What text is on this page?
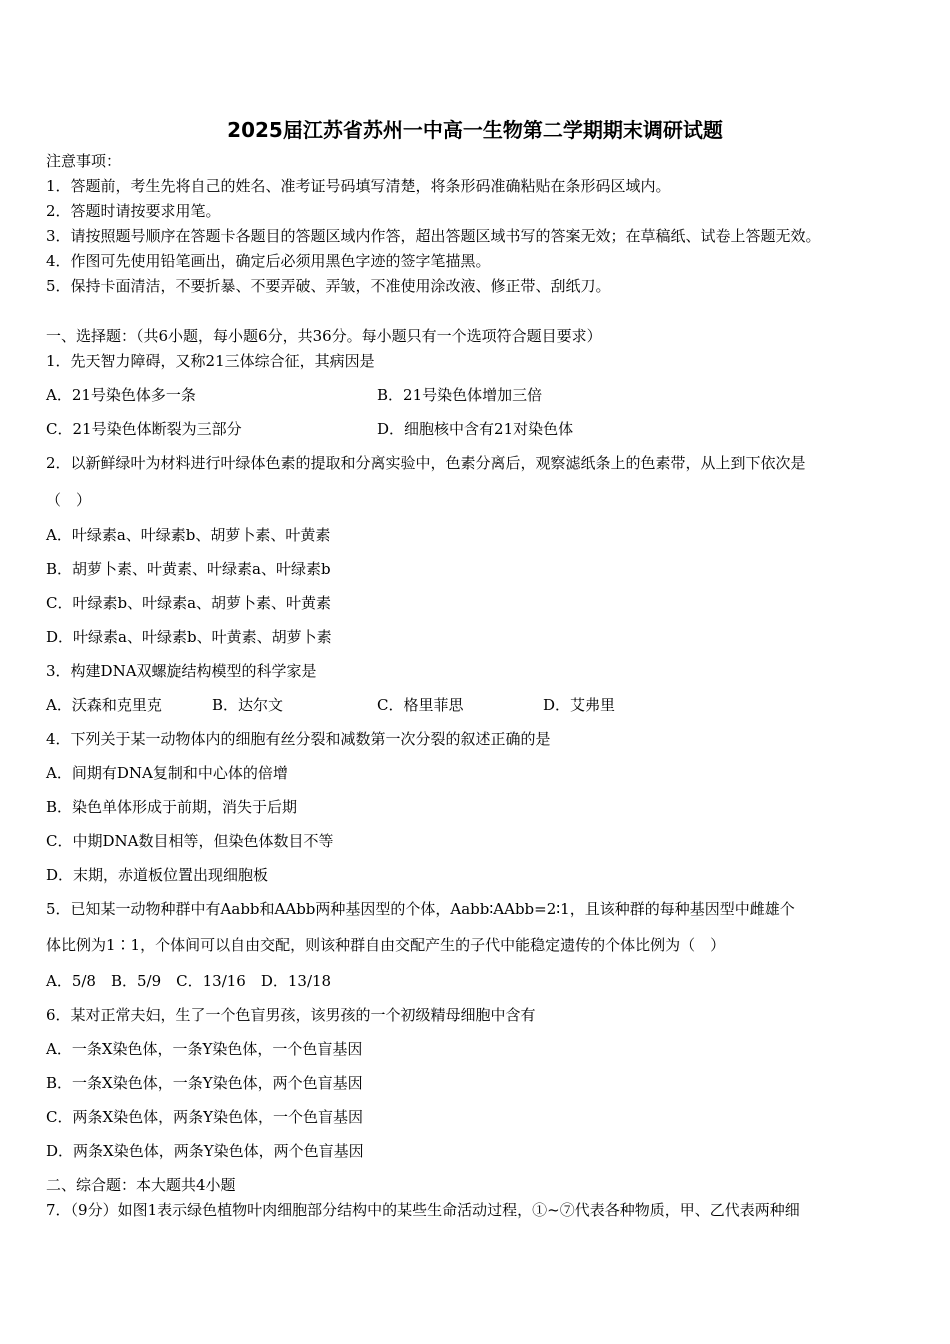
2025届江苏省苏州一中高一生物第二学期期末调研试题
注意事项：
1．答题前，考生先将自己的姓名、准考证号码填写清楚，将条形码准确粘贴在条形码区域内。
2．答题时请按要求用笔。
3．请按照题号顺序在答题卡各题目的答题区域内作答，超出答题区域书写的答案无效；在草稿纸、试卷上答题无效。
4．作图可先使用铅笔画出，确定后必须用黑色字迹的签字笔描黑。
5．保持卡面清洁，不要折暴、不要弄破、弄皱，不准使用涂改液、修正带、刮纸刀。
一、选择题：（共6小题，每小题6分，共36分。每小题只有一个选项符合题目要求）
1．先天智力障碍，又称21三体综合征，其病因是
A．21号染色体多一条	B．21号染色体增加三倍
C．21号染色体断裂为三部分	D．细胞核中含有21对染色体
2．以新鲜绿叶为材料进行叶绿体色素的提取和分离实验中，色素分离后，观察滤纸条上的色素带，从上到下依次是
（　）
A．叶绿素a、叶绿素b、胡萝卜素、叶黄素
B．胡萝卜素、叶黄素、叶绿素a、叶绿素b
C．叶绿素b、叶绿素a、胡萝卜素、叶黄素
D．叶绿素a、叶绿素b、叶黄素、胡萝卜素
3．构建DNA双螺旋结构模型的科学家是
A．沃森和克里克	B．达尔文	C．格里菲思	D．艾弗里
4．下列关于某一动物体内的细胞有丝分裂和减数第一次分裂的叙述正确的是
A．间期有DNA复制和中心体的倍增
B．染色单体形成于前期，消失于后期
C．中期DNA数目相等，但染色体数目不等
D．末期，赤道板位置出现细胞板
5．已知某一动物种群中有Aabb和AAbb两种基因型的个体，Aabb∶AAbb=2∶1，且该种群的每种基因型中雌雄个
体比例为1∶1，个体间可以自由交配，则该种群自由交配产生的子代中能稳定遗传的个体比例为（　）
A．5/8　B．5/9　C．13/16　D．13/18
6．某对正常夫妇，生了一个色盲男孩，该男孩的一个初级精母细胞中含有
A．一条X染色体，一条Y染色体，一个色盲基因
B．一条X染色体，一条Y染色体，两个色盲基因
C．两条X染色体，两条Y染色体，一个色盲基因
D．两条X染色体，两条Y染色体，两个色盲基因
二、综合题：本大题共4小题
7．（9分）如图1表示绿色植物叶肉细胞部分结构中的某些生命活动过程，①~⑦代表各种物质，甲、乙代表两种细
